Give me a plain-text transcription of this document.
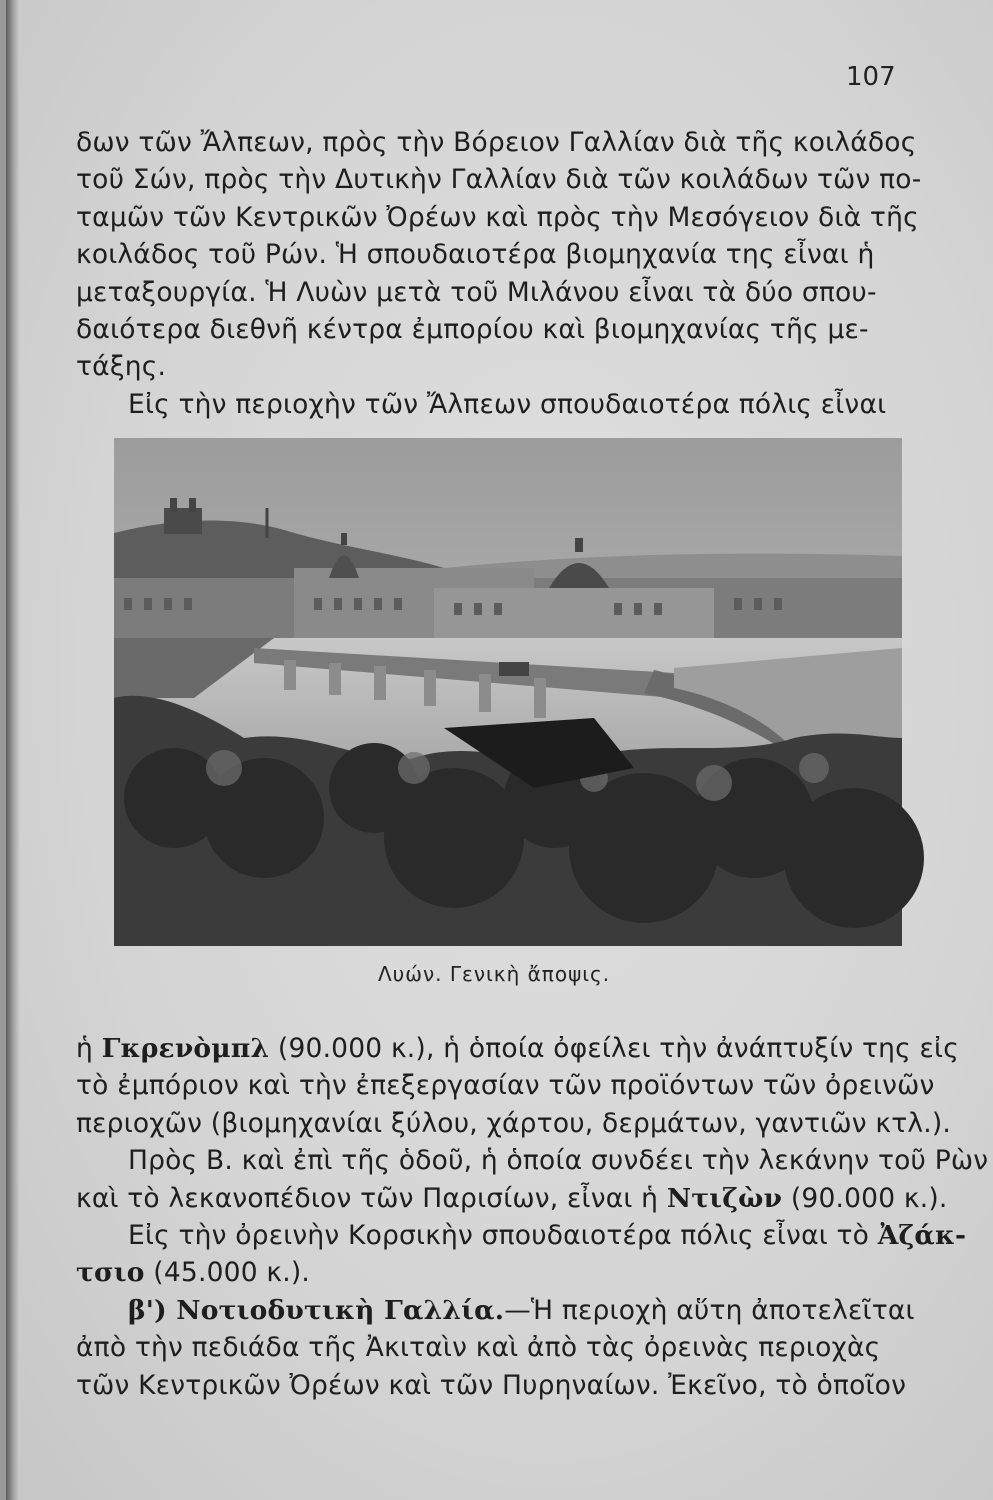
107
δων τῶν Ἄλπεων, πρὸς τὴν Βόρειον Γαλλίαν διὰ τῆς κοιλάδος
τοῦ Σών, πρὸς τὴν Δυτικὴν Γαλλίαν διὰ τῶν κοιλάδων τῶν πο-
ταμῶν τῶν Κεντρικῶν Ὀρέων καὶ πρὸς τὴν Μεσόγειον διὰ τῆς
κοιλάδος τοῦ Ρών. Ἡ σπουδαιοτέρα βιομηχανία της εἶναι ἡ
μεταξουργία. Ἡ Λυὼν μετὰ τοῦ Μιλάνου εἶναι τὰ δύο σπου-
δαιότερα διεθνῆ κέντρα ἐμπορίου καὶ βιομηχανίας τῆς με-
τάξης.
Εἰς τὴν περιοχὴν τῶν Ἄλπεων σπουδαιοτέρα πόλις εἶναι
Λυών. Γενικὴ ἄποψις.
ἡ Γκρενὸμπλ (90.000 κ.), ἡ ὁποία ὀφείλει τὴν ἀνάπτυξίν της εἰς
τὸ ἐμπόριον καὶ τὴν ἐπεξεργασίαν τῶν προϊόντων τῶν ὀρεινῶν
περιοχῶν (βιομηχανίαι ξύλου, χάρτου, δερμάτων, γαντιῶν κτλ.).
Πρὸς Β. καὶ ἐπὶ τῆς ὁδοῦ, ἡ ὁποία συνδέει τὴν λεκάνην τοῦ Ρὼν
καὶ τὸ λεκανοπέδιον τῶν Παρισίων, εἶναι ἡ Ντιζὼν (90.000 κ.).
Εἰς τὴν ὀρεινὴν Κορσικὴν σπουδαιοτέρα πόλις εἶναι τὸ Ἀζάκ-
τσιο (45.000 κ.).
β') Νοτιοδυτικὴ Γαλλία.—Ἡ περιοχὴ αὕτη ἀποτελεῖται
ἀπὸ τὴν πεδιάδα τῆς Ἀκιταὶν καὶ ἀπὸ τὰς ὀρεινὰς περιοχὰς
τῶν Κεντρικῶν Ὀρέων καὶ τῶν Πυρηναίων. Ἐκεῖνο, τὸ ὁποῖον
